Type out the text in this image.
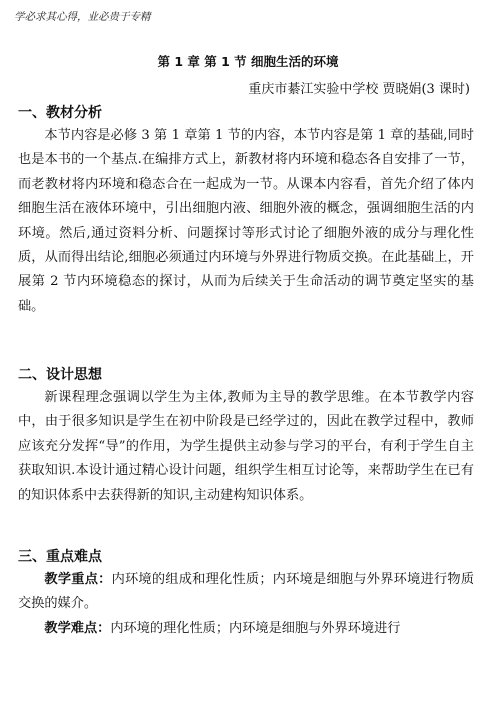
学必求其心得，业必贵于专精
第 1 章 第 1 节 细胞生活的环境
重庆市綦江实验中学校 贾晓娟(3 课时)
一、教材分析
本节内容是必修 3 第 1 章第 1 节的内容，本节内容是第 1 章的基础,同时也是本书的一个基点.在编排方式上，新教材将内环境和稳态各自安排了一节，而老教材将内环境和稳态合在一起成为一节。从课本内容看，首先介绍了体内细胞生活在液体环境中，引出细胞内液、细胞外液的概念，强调细胞生活的内环境。然后,通过资料分析、问题探讨等形式讨论了细胞外液的成分与理化性质，从而得出结论,细胞必须通过内环境与外界进行物质交换。在此基础上，开展第 2 节内环境稳态的探讨，从而为后续关于生命活动的调节奠定坚实的基础。
二、设计思想
新课程理念强调以学生为主体,教师为主导的教学思维。在本节教学内容中，由于很多知识是学生在初中阶段是已经学过的，因此在教学过程中，教师应该充分发挥“导”的作用，为学生提供主动参与学习的平台，有利于学生自主获取知识.本设计通过精心设计问题，组织学生相互讨论等，来帮助学生在已有的知识体系中去获得新的知识,主动建构知识体系。
三、重点难点
教学重点：内环境的组成和理化性质；内环境是细胞与外界环境进行物质交换的媒介。
教学难点：内环境的理化性质；内环境是细胞与外界环境进行
